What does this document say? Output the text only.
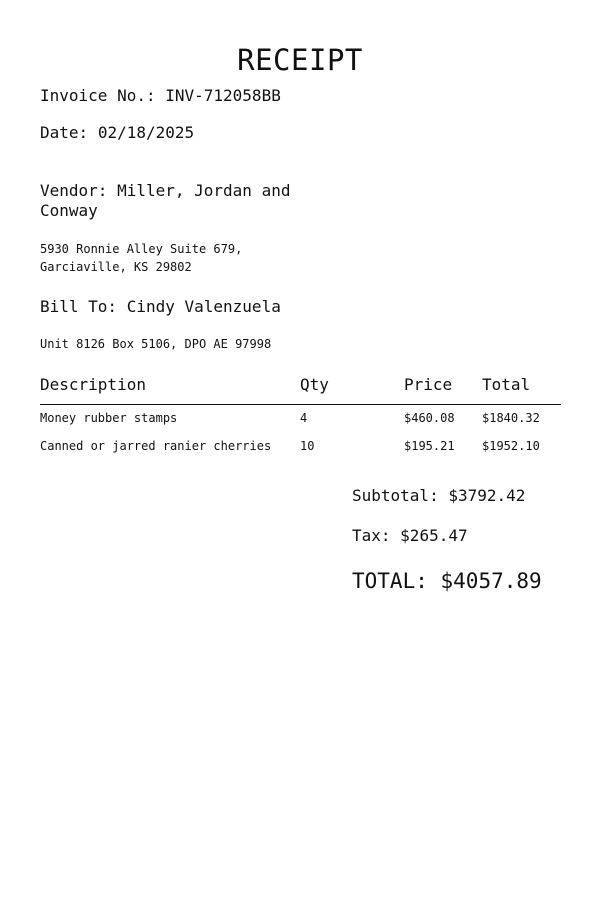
RECEIPT
Invoice No.: INV-712058BB
Date: 02/18/2025
Vendor: Miller, Jordan and Conway
5930 Ronnie Alley Suite 679, Garciaville, KS 29802
Bill To: Cindy Valenzuela
Unit 8126 Box 5106, DPO AE 97998
Description	Qty	Price Total
Money rubber stamps	4	$460.08 $1840.32
Canned or jarred ranier cherries 10	$195.21 $1952.10
Subtotal: $3792.42
Tax: $265.47
TOTAL: $4057.89
